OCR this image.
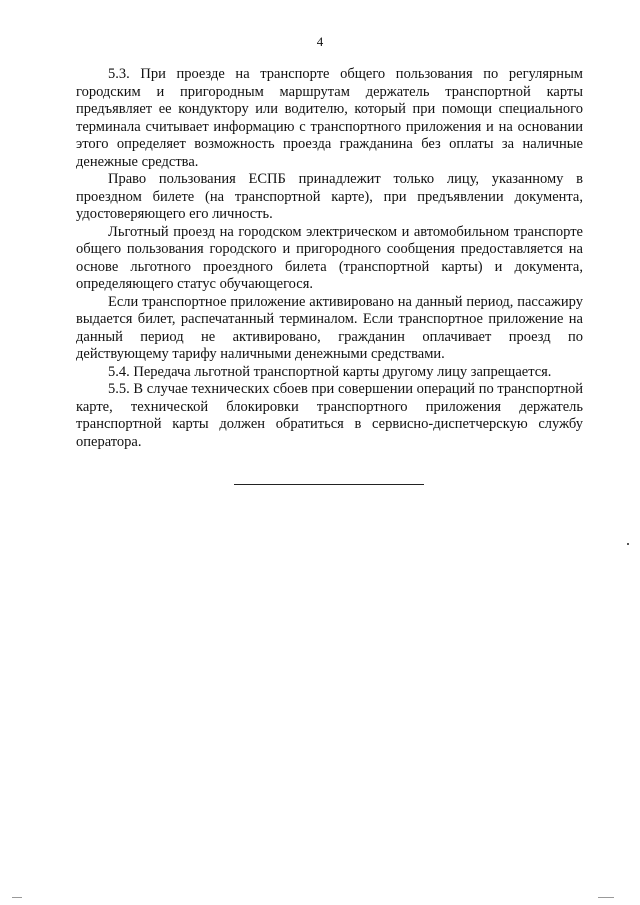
4

5.3. При проезде на транспорте общего пользования по регулярным городским и пригородным маршрутам держатель транспортной карты предъявляет ее кондуктору или водителю, который при помощи специального терминала считывает информацию с транспортного приложения и на основании этого определяет возможность проезда гражданина без оплаты за наличные денежные средства.

Право пользования ЕСПБ принадлежит только лицу, указанному в проездном билете (на транспортной карте), при предъявлении документа, удостоверяющего его личность.

Льготный проезд на городском электрическом и автомобильном транспорте общего пользования городского и пригородного сообщения предоставляется на основе льготного проездного билета (транспортной карты) и документа, определяющего статус обучающегося.

Если транспортное приложение активировано на данный период, пассажиру выдается билет, распечатанный терминалом. Если транспортное приложение на данный период не активировано, гражданин оплачивает проезд по действующему тарифу наличными денежными средствами.

5.4. Передача льготной транспортной карты другому лицу запрещается.

5.5. В случае технических сбоев при совершении операций по транспортной карте, технической блокировки транспортного приложения держатель транспортной карты должен обратиться в сервисно-диспетчерскую службу оператора.
